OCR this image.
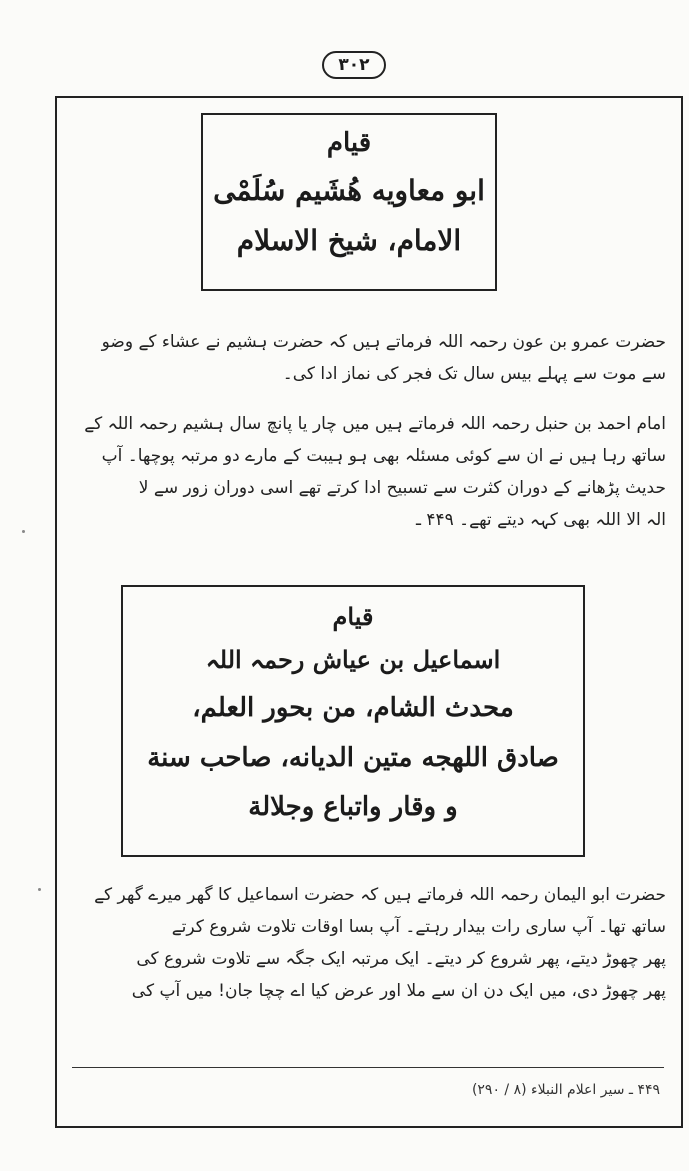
۳۰۲
قیام
ابو معاویه هُشَیم سُلَمْی
الامام، شیخ الاسلام
حضرت عمرو بن عون رحمہ اللہ فرماتے ہیں کہ حضرت ہشیم نے عشاء کے وضو
سے موت سے پہلے بیس سال تک فجر کی نماز ادا کی۔
امام احمد بن حنبل رحمہ اللہ فرماتے ہیں میں چار یا پانچ سال ہشیم رحمہ اللہ کے
ساتھ رہا ہیں نے ان سے کوئی مسئلہ بھی ہو ہیبت کے مارے دو مرتبہ پوچھا۔ آپ
حدیث پڑھانے کے دوران کثرت سے تسبیح ادا کرتے تھے اسی دوران زور سے لا
الہ الا اللہ بھی کہہ دیتے تھے۔ ۴۴۹ ـ
قیام
اسماعیل بن عیاش رحمہ اللہ
محدث الشام، من بحور العلم،
صادق اللهجه متين الديانه، صاحب سنة
و وقار واتباع وجلالة
حضرت ابو الیمان رحمہ اللہ فرماتے ہیں کہ حضرت اسماعیل کا گھر میرے گھر کے
ساتھ تھا۔ آپ ساری رات بیدار رہتے۔ آپ بسا اوقات تلاوت شروع کرتے
پھر چھوڑ دیتے، پھر شروع کر دیتے۔ ایک مرتبہ ایک جگہ سے تلاوت شروع کی
پھر چھوڑ دی، میں ایک دن ان سے ملا اور عرض کیا اے چچا جان! میں آپ کی
۴۴۹ ـ سیر اعلام النبلاء (۸ / ۲۹۰)
